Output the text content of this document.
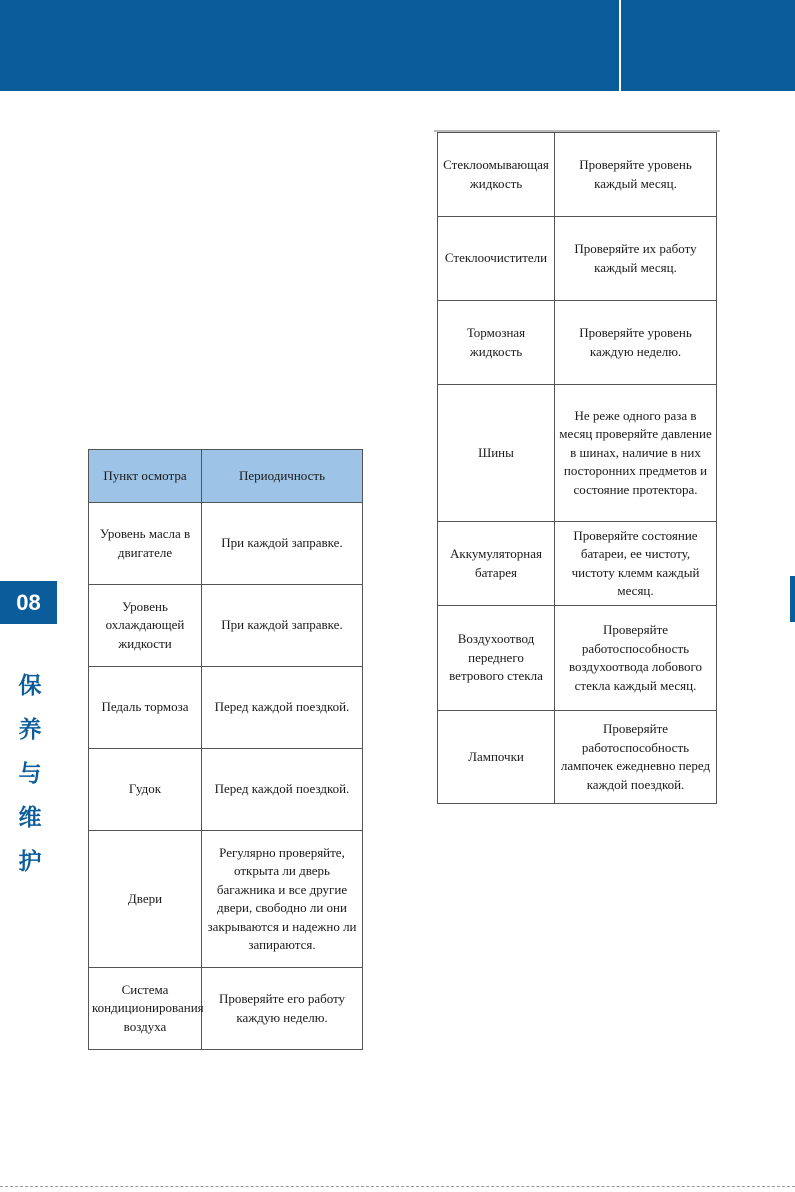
Пункт осмотра	Периодичность
Уровень масла в двигателе	При каждой заправке.
Уровень охлаждающей жидкости	При каждой заправке.
Педаль тормоза	Перед каждой поездкой.
Гудок	Перед каждой поездкой.
Двери	Регулярно проверяйте, открыта ли дверь багажника и все другие двери, свободно ли они закрываются и надежно ли запираются.
Система кондиционирования воздуха	Проверяйте его работу каждую неделю.
Стеклоомывающая жидкость	Проверяйте уровень каждый месяц.
Стеклоочистители	Проверяйте их работу каждый месяц.
Тормозная жидкость	Проверяйте уровень каждую неделю.
Шины	Не реже одного раза в месяц проверяйте давление в шинах, наличие в них посторонних предметов и состояние протектора.
Аккумуляторная батарея	Проверяйте состояние батареи, ее чистоту, чистоту клемм каждый месяц.
Воздухоотвод переднего ветрового стекла	Проверяйте работоспособность воздухоотвода лобового стекла каждый месяц.
Лампочки	Проверяйте работоспособность лампочек ежедневно перед каждой поездкой.
08
保
养
与
维
护
